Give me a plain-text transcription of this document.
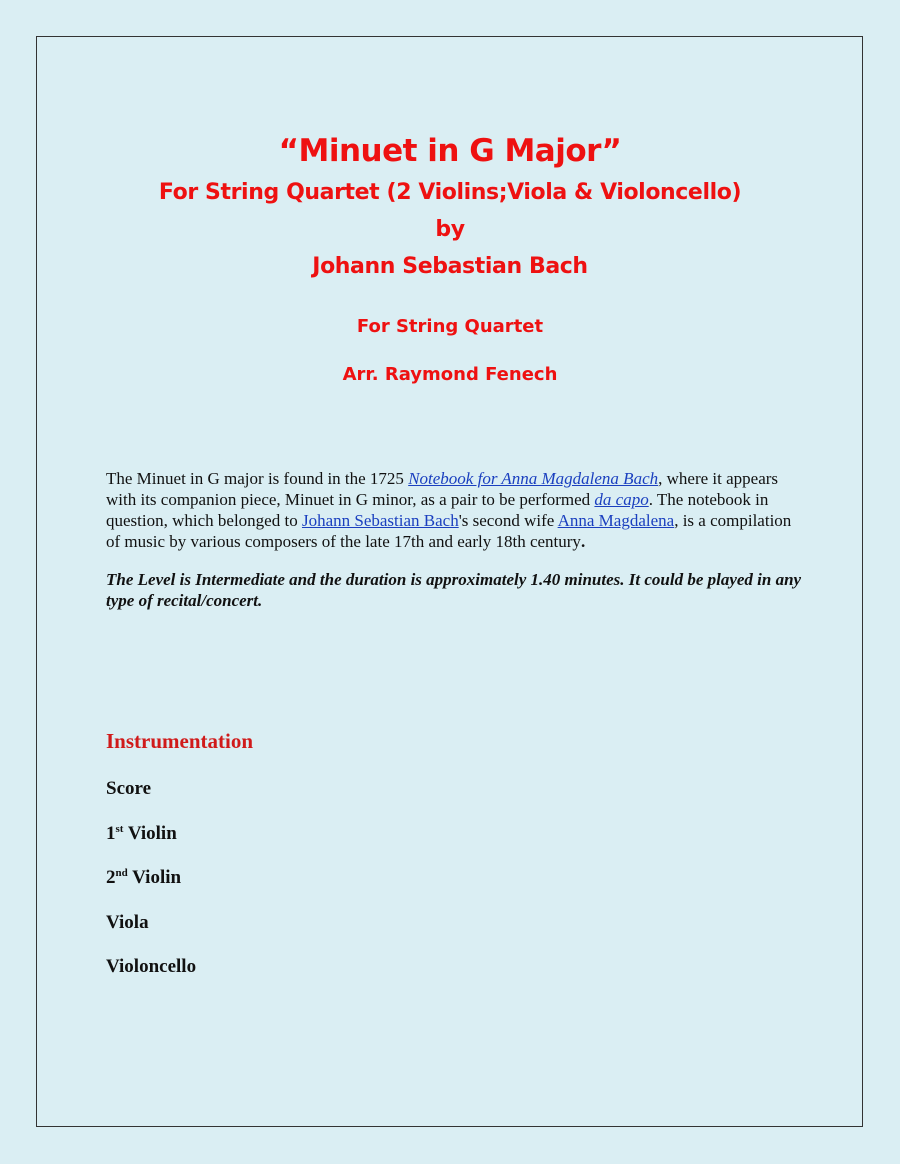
“Minuet in G Major”

For String Quartet (2 Violins;Viola & Violoncello)

by

Johann Sebastian Bach

For String Quartet

Arr. Raymond Fenech

The Minuet in G major is found in the 1725 Notebook for Anna Magdalena Bach, where it appears with its companion piece, Minuet in G minor, as a pair to be performed da capo. The notebook in question, which belonged to Johann Sebastian Bach's second wife Anna Magdalena, is a compilation of music by various composers of the late 17th and early 18th century.

The Level is Intermediate and the duration is approximately 1.40 minutes. It could be played in any type of recital/concert.

Instrumentation
Score
1st Violin
2nd Violin
Viola
Violoncello
